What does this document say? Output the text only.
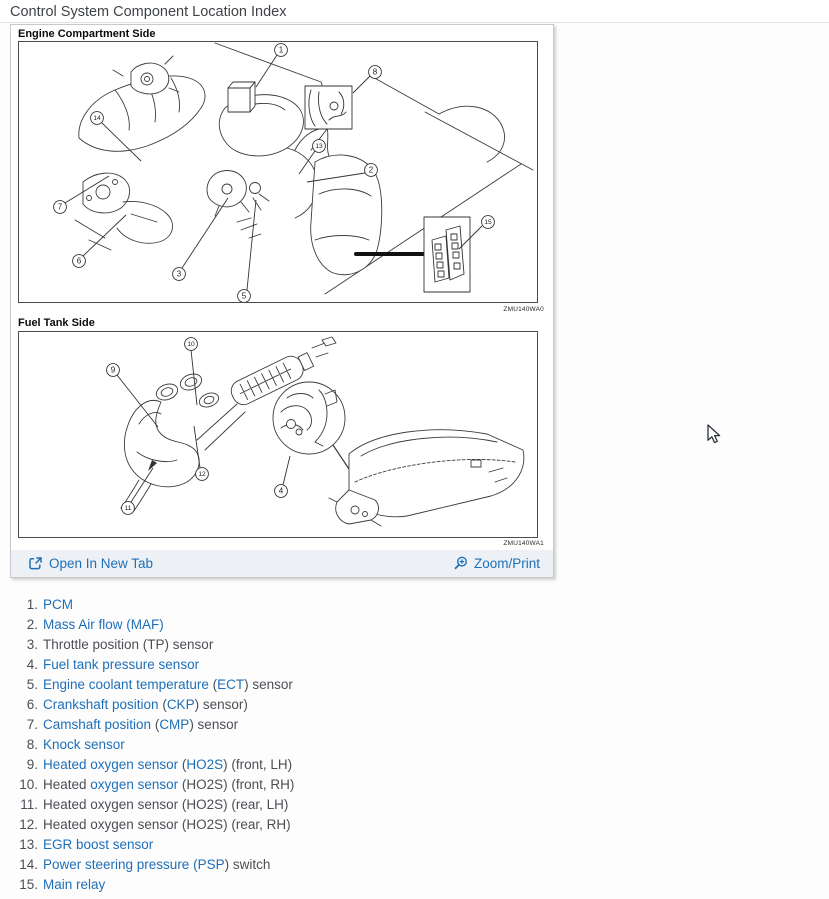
Control System Component Location Index
Engine Compartment Side
1
8
13
2
14
7
6
3
5
15
ZMU140WA0
Fuel Tank Side
10
9
12
11
4
ZMU140WA1
Open In New Tab	Zoom/Print
1. PCM
2. Mass Air flow (MAF)
3. Throttle position (TP) sensor
4. Fuel tank pressure sensor
5. Engine coolant temperature (ECT) sensor
6. Crankshaft position (CKP) sensor)
7. Camshaft position (CMP) sensor
8. Knock sensor
9. Heated oxygen sensor (HO2S) (front, LH)
10. Heated oxygen sensor (HO2S) (front, RH)
11. Heated oxygen sensor (HO2S) (rear, LH)
12. Heated oxygen sensor (HO2S) (rear, RH)
13. EGR boost sensor
14. Power steering pressure (PSP) switch
15. Main relay
